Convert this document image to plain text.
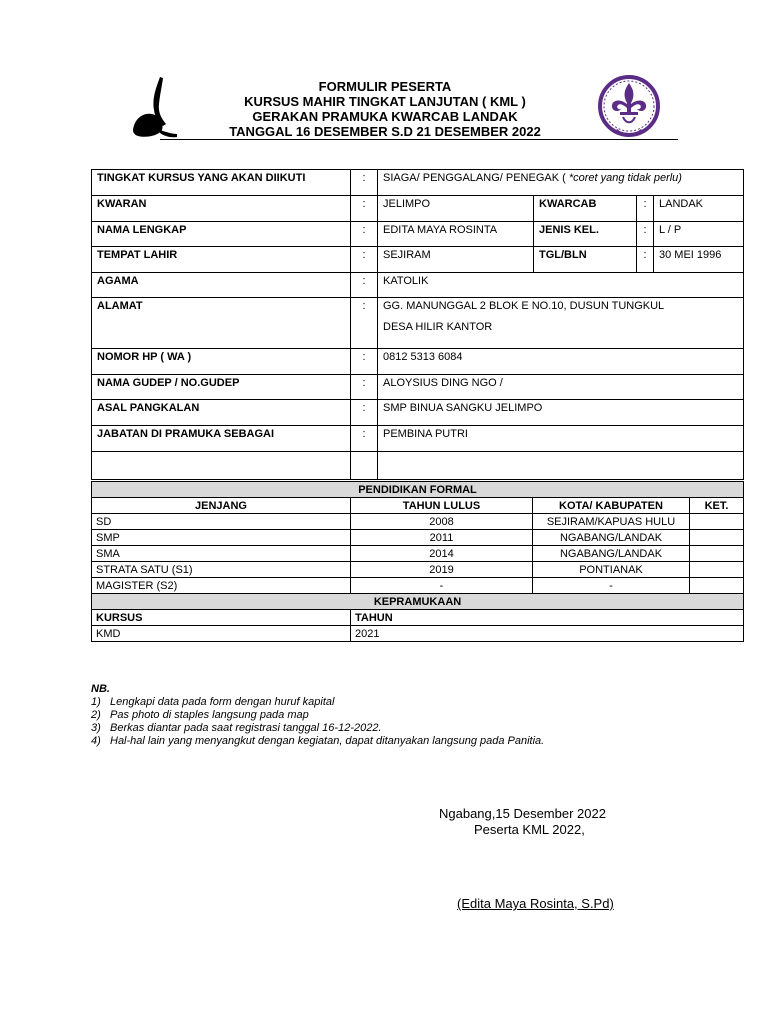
FORMULIR PESERTA
KURSUS MAHIR TINGKAT LANJUTAN ( KML )
GERAKAN PRAMUKA KWARCAB LANDAK
TANGGAL 16 DESEMBER S.D 21 DESEMBER 2022
TINGKAT KURSUS YANG AKAN DIIKUTI	:	SIAGA/ PENGGALANG/ PENEGAK ( *coret yang tidak perlu)			
KWARAN	:	JELIMPO	KWARCAB	:	LANDAK
NAMA LENGKAP	:	EDITA MAYA ROSINTA	JENIS KEL.	:	L / P
TEMPAT LAHIR	:	SEJIRAM	TGL/BLN	:	30 MEI 1996
AGAMA	:	KATOLIK			
ALAMAT	:	GG. MANUNGGAL 2 BLOK E NO.10, DUSUN TUNGKUL
DESA HILIR KANTOR			

NOMOR HP ( WA )	:	0812 5313 6084			
NAMA GUDEP / NO.GUDEP	:	ALOYSIUS DING NGO /			
ASAL PANGKALAN	:	SMP BINUA SANGKU JELIMPO			
JABATAN DI PRAMUKA SEBAGAI	:	PEMBINA PUTRI			

PENDIDIKAN FORMAL			
JENJANG	TAHUN LULUS	KOTA/ KABUPATEN	KET.
SD	2008	SEJIRAM/KAPUAS HULU	
SMP	2011	NGABANG/LANDAK	
SMA	2014	NGABANG/LANDAK	
STRATA SATU (S1)	2019	PONTIANAK	
MAGISTER (S2)	-	-	
KEPRAMUKAAN	
KURSUS	TAHUN
KMD	2021
NB.
1) Lengkapi data pada form dengan huruf kapital
2) Pas photo di staples langsung pada map
3) Berkas diantar pada saat registrasi tanggal 16-12-2022.
4) Hal-hal lain yang menyangkut dengan kegiatan, dapat ditanyakan langsung pada Panitia.
Ngabang,15 Desember 2022
Peserta KML 2022,
(Edita Maya Rosinta, S.Pd)
